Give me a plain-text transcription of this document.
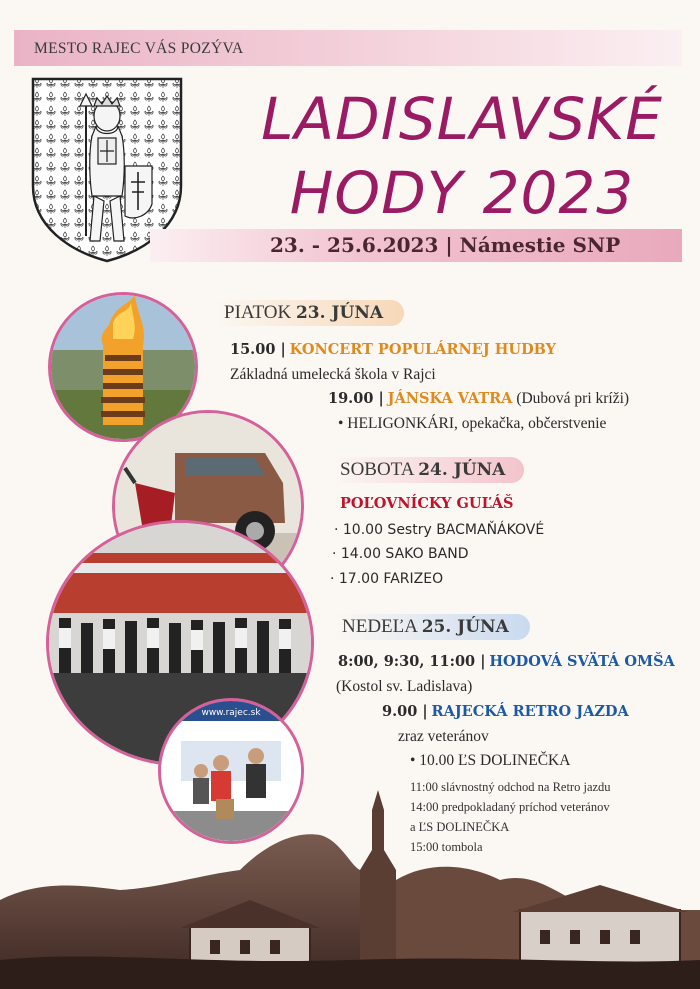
MESTO RAJEC VÁS POZÝVA
LADISLAVSKÉ
HODY 2023
23. - 25.6.2023 | Námestie SNP
www.rajec.sk
PIATOK 23. JÚNA
15.00 | KONCERT POPULÁRNEJ HUDBY
Základná umelecká škola v Rajci
19.00 | JÁNSKA VATRA (Dubová pri kríži)
• HELIGONKÁRI, opekačka, občerstvenie
SOBOTA 24. JÚNA
POĽOVNÍCKY GUĽÁŠ
· 10.00 Sestry BACMAŇÁKOVÉ
· 14.00 SAKO BAND
· 17.00 FARIZEO
NEDEĽA 25. JÚNA
8:00, 9:30, 11:00 | HODOVÁ SVÄTÁ OMŠA
(Kostol sv. Ladislava)
9.00 | RAJECKÁ RETRO JAZDA
zraz veteránov
• 10.00 ĽS DOLINEČKA
11:00 slávnostný odchod na Retro jazdu
14:00 predpokladaný príchod veteránov
a ĽS DOLINEČKA
15:00 tombola
